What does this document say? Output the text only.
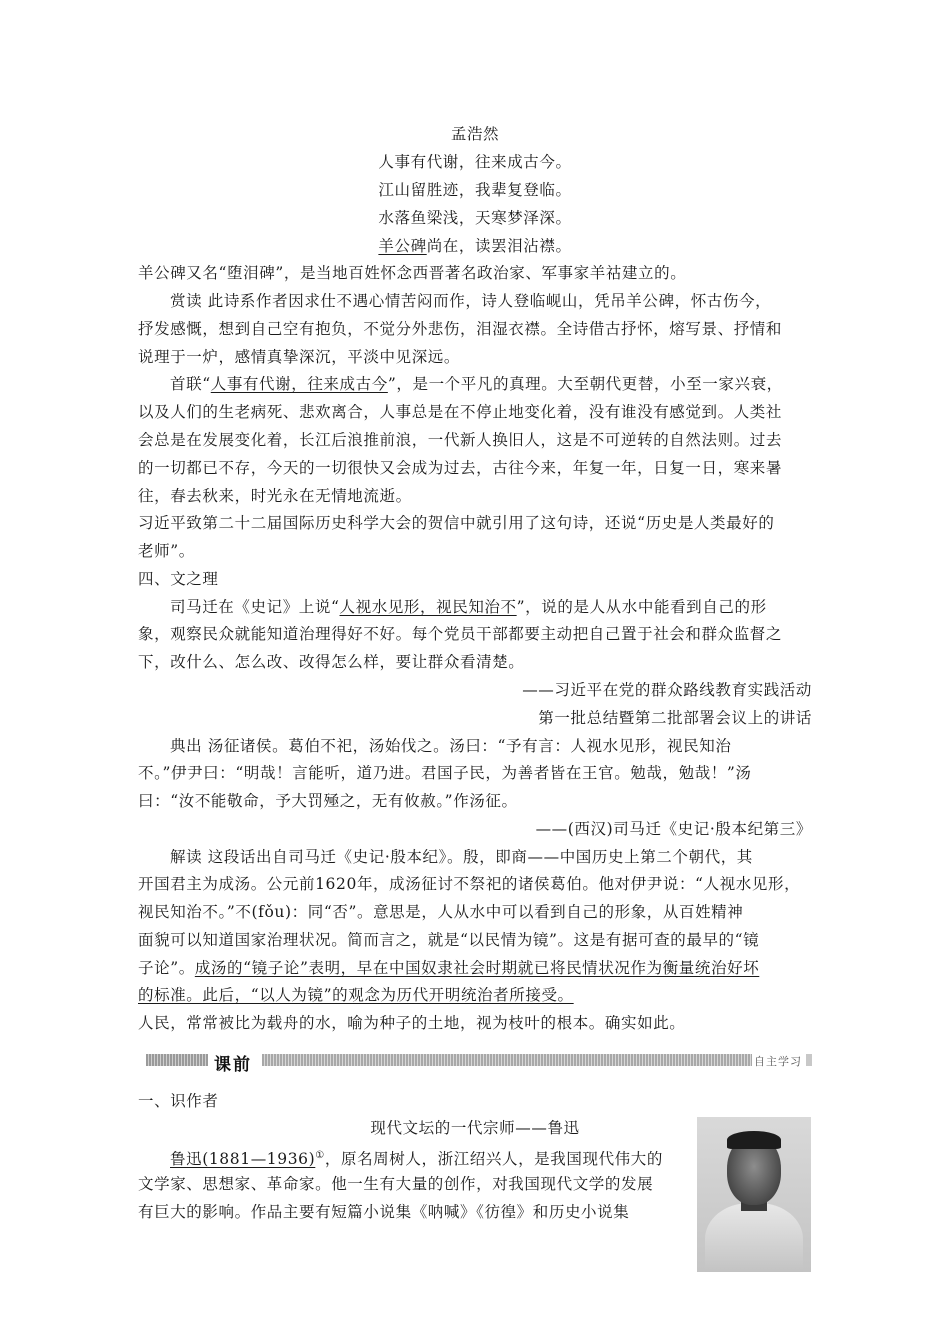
孟浩然
人事有代谢，往来成古今。
江山留胜迹，我辈复登临。
水落鱼梁浅，天寒梦泽深。
羊公碑尚在，读罢泪沾襟。
羊公碑又名“堕泪碑”，是当地百姓怀念西晋著名政治家、军事家羊祜建立的。
赏读 此诗系作者因求仕不遇心情苦闷而作，诗人登临岘山，凭吊羊公碑，怀古伤今，
抒发感慨，想到自己空有抱负，不觉分外悲伤，泪湿衣襟。全诗借古抒怀，熔写景、抒情和
说理于一炉，感情真挚深沉，平淡中见深远。
首联“人事有代谢，往来成古今”，是一个平凡的真理。大至朝代更替，小至一家兴衰，
以及人们的生老病死、悲欢离合，人事总是在不停止地变化着，没有谁没有感觉到。人类社
会总是在发展变化着，长江后浪推前浪，一代新人换旧人，这是不可逆转的自然法则。过去
的一切都已不存，今天的一切很快又会成为过去，古往今来，年复一年，日复一日，寒来暑
往，春去秋来，时光永在无情地流逝。
习近平致第二十二届国际历史科学大会的贺信中就引用了这句诗，还说“历史是人类最好的
老师”。
四、文之理
司马迁在《史记》上说“人视水见形，视民知治不”，说的是人从水中能看到自己的形
象，观察民众就能知道治理得好不好。每个党员干部都要主动把自己置于社会和群众监督之
下，改什么、怎么改、改得怎么样，要让群众看清楚。
——习近平在党的群众路线教育实践活动
第一批总结暨第二批部署会议上的讲话
典出 汤征诸侯。葛伯不祀，汤始伐之。汤曰：“予有言：人视水见形，视民知治
不。”伊尹曰：“明哉！言能听，道乃进。君国子民，为善者皆在王官。勉哉，勉哉！”汤
曰：“汝不能敬命，予大罚殛之，无有攸赦。”作汤征。
——(西汉)司马迁《史记·殷本纪第三》
解读 这段话出自司马迁《史记·殷本纪》。殷，即商——中国历史上第二个朝代，其
开国君主为成汤。公元前1620年，成汤征讨不祭祀的诸侯葛伯。他对伊尹说：“人视水见形，
视民知治不。”不(fǒu)：同“否”。意思是，人从水中可以看到自己的形象，从百姓精神
面貌可以知道国家治理状况。简而言之，就是“以民情为镜”。这是有据可查的最早的“镜
子论”。成汤的“镜子论”表明，早在中国奴隶社会时期就已将民情状况作为衡量统治好坏
的标准。此后，“以人为镜”的观念为历代开明统治者所接受。
人民，常常被比为载舟的水，喻为种子的土地，视为枝叶的根本。确实如此。
课前	自主学习
一、识作者
现代文坛的一代宗师——鲁迅
鲁迅(1881—1936)①，原名周树人，浙江绍兴人，是我国现代伟大的
文学家、思想家、革命家。他一生有大量的创作，对我国现代文学的发展
有巨大的影响。作品主要有短篇小说集《呐喊》《彷徨》和历史小说集
